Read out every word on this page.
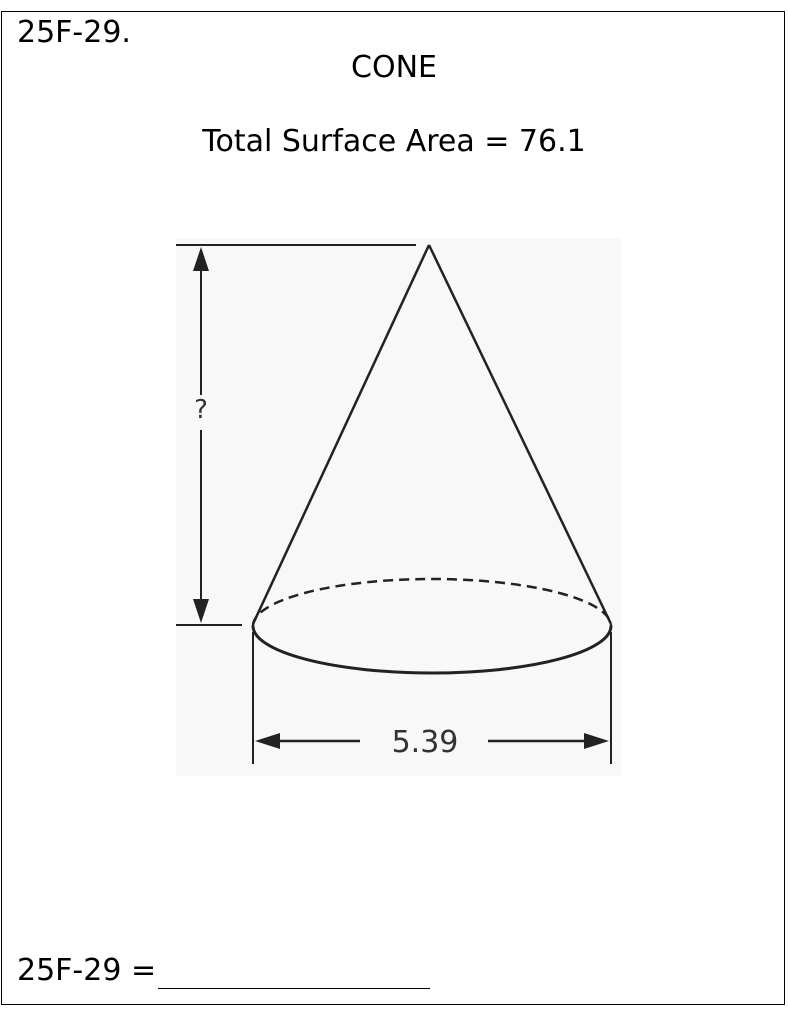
25F-29.
CONE
Total Surface Area = 76.1
?
5.39
25F-29 =
